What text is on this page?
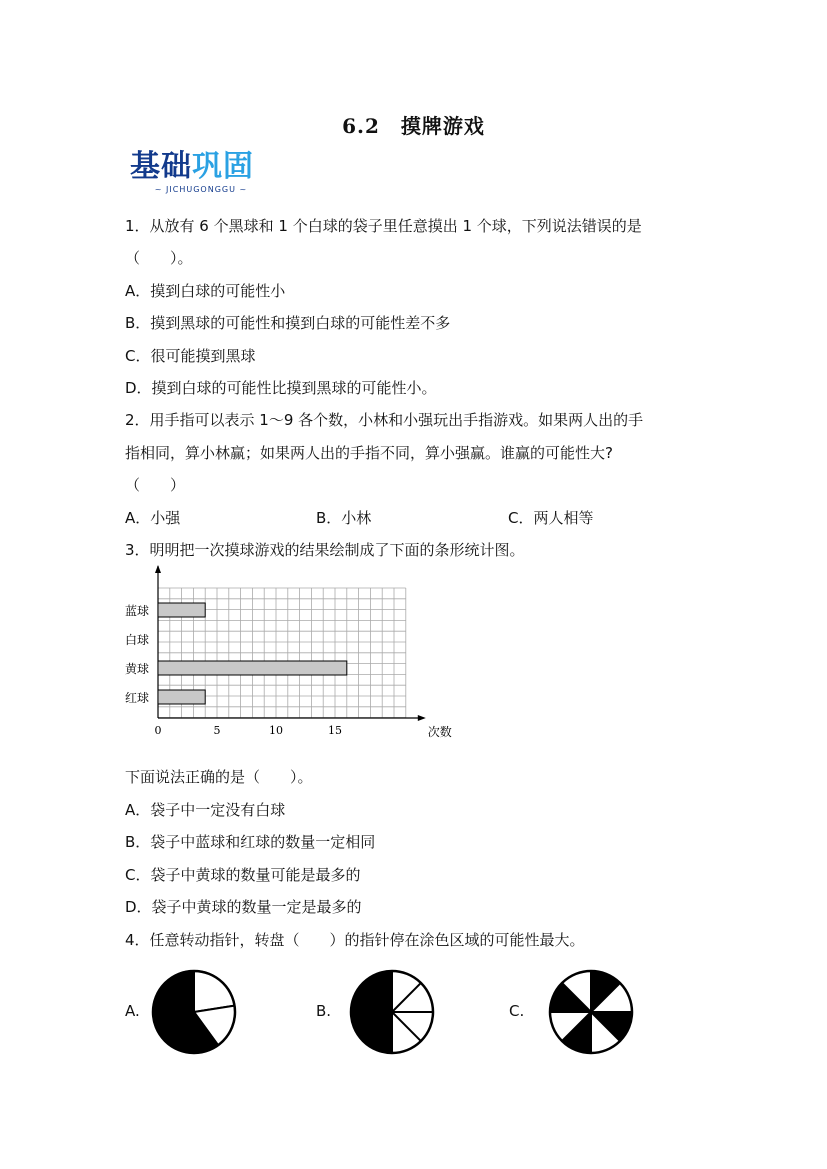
6.2　摸牌游戏
基础巩固
~ JICHUGONGGU ~
1．从放有 6 个黑球和 1 个白球的袋子里任意摸出 1 个球，下列说法错误的是
（　　）。
A．摸到白球的可能性小
B．摸到黑球的可能性和摸到白球的可能性差不多
C．很可能摸到黑球
D．摸到白球的可能性比摸到黑球的可能性小。
2．用手指可以表示 1～9 各个数，小林和小强玩出手指游戏。如果两人出的手
指相同，算小林赢；如果两人出的手指不同，算小强赢。谁赢的可能性大?
（　　）
A．小强	B．小林	C．两人相等
3．明明把一次摸球游戏的结果绘制成了下面的条形统计图。
蓝球
白球
黄球
红球
0	5	10	15	次数
下面说法正确的是（　　）。
A．袋子中一定没有白球
B．袋子中蓝球和红球的数量一定相同
C．袋子中黄球的数量可能是最多的
D．袋子中黄球的数量一定是最多的
4．任意转动指针，转盘（　　）的指针停在涂色区域的可能性最大。
A.	B.	C.
